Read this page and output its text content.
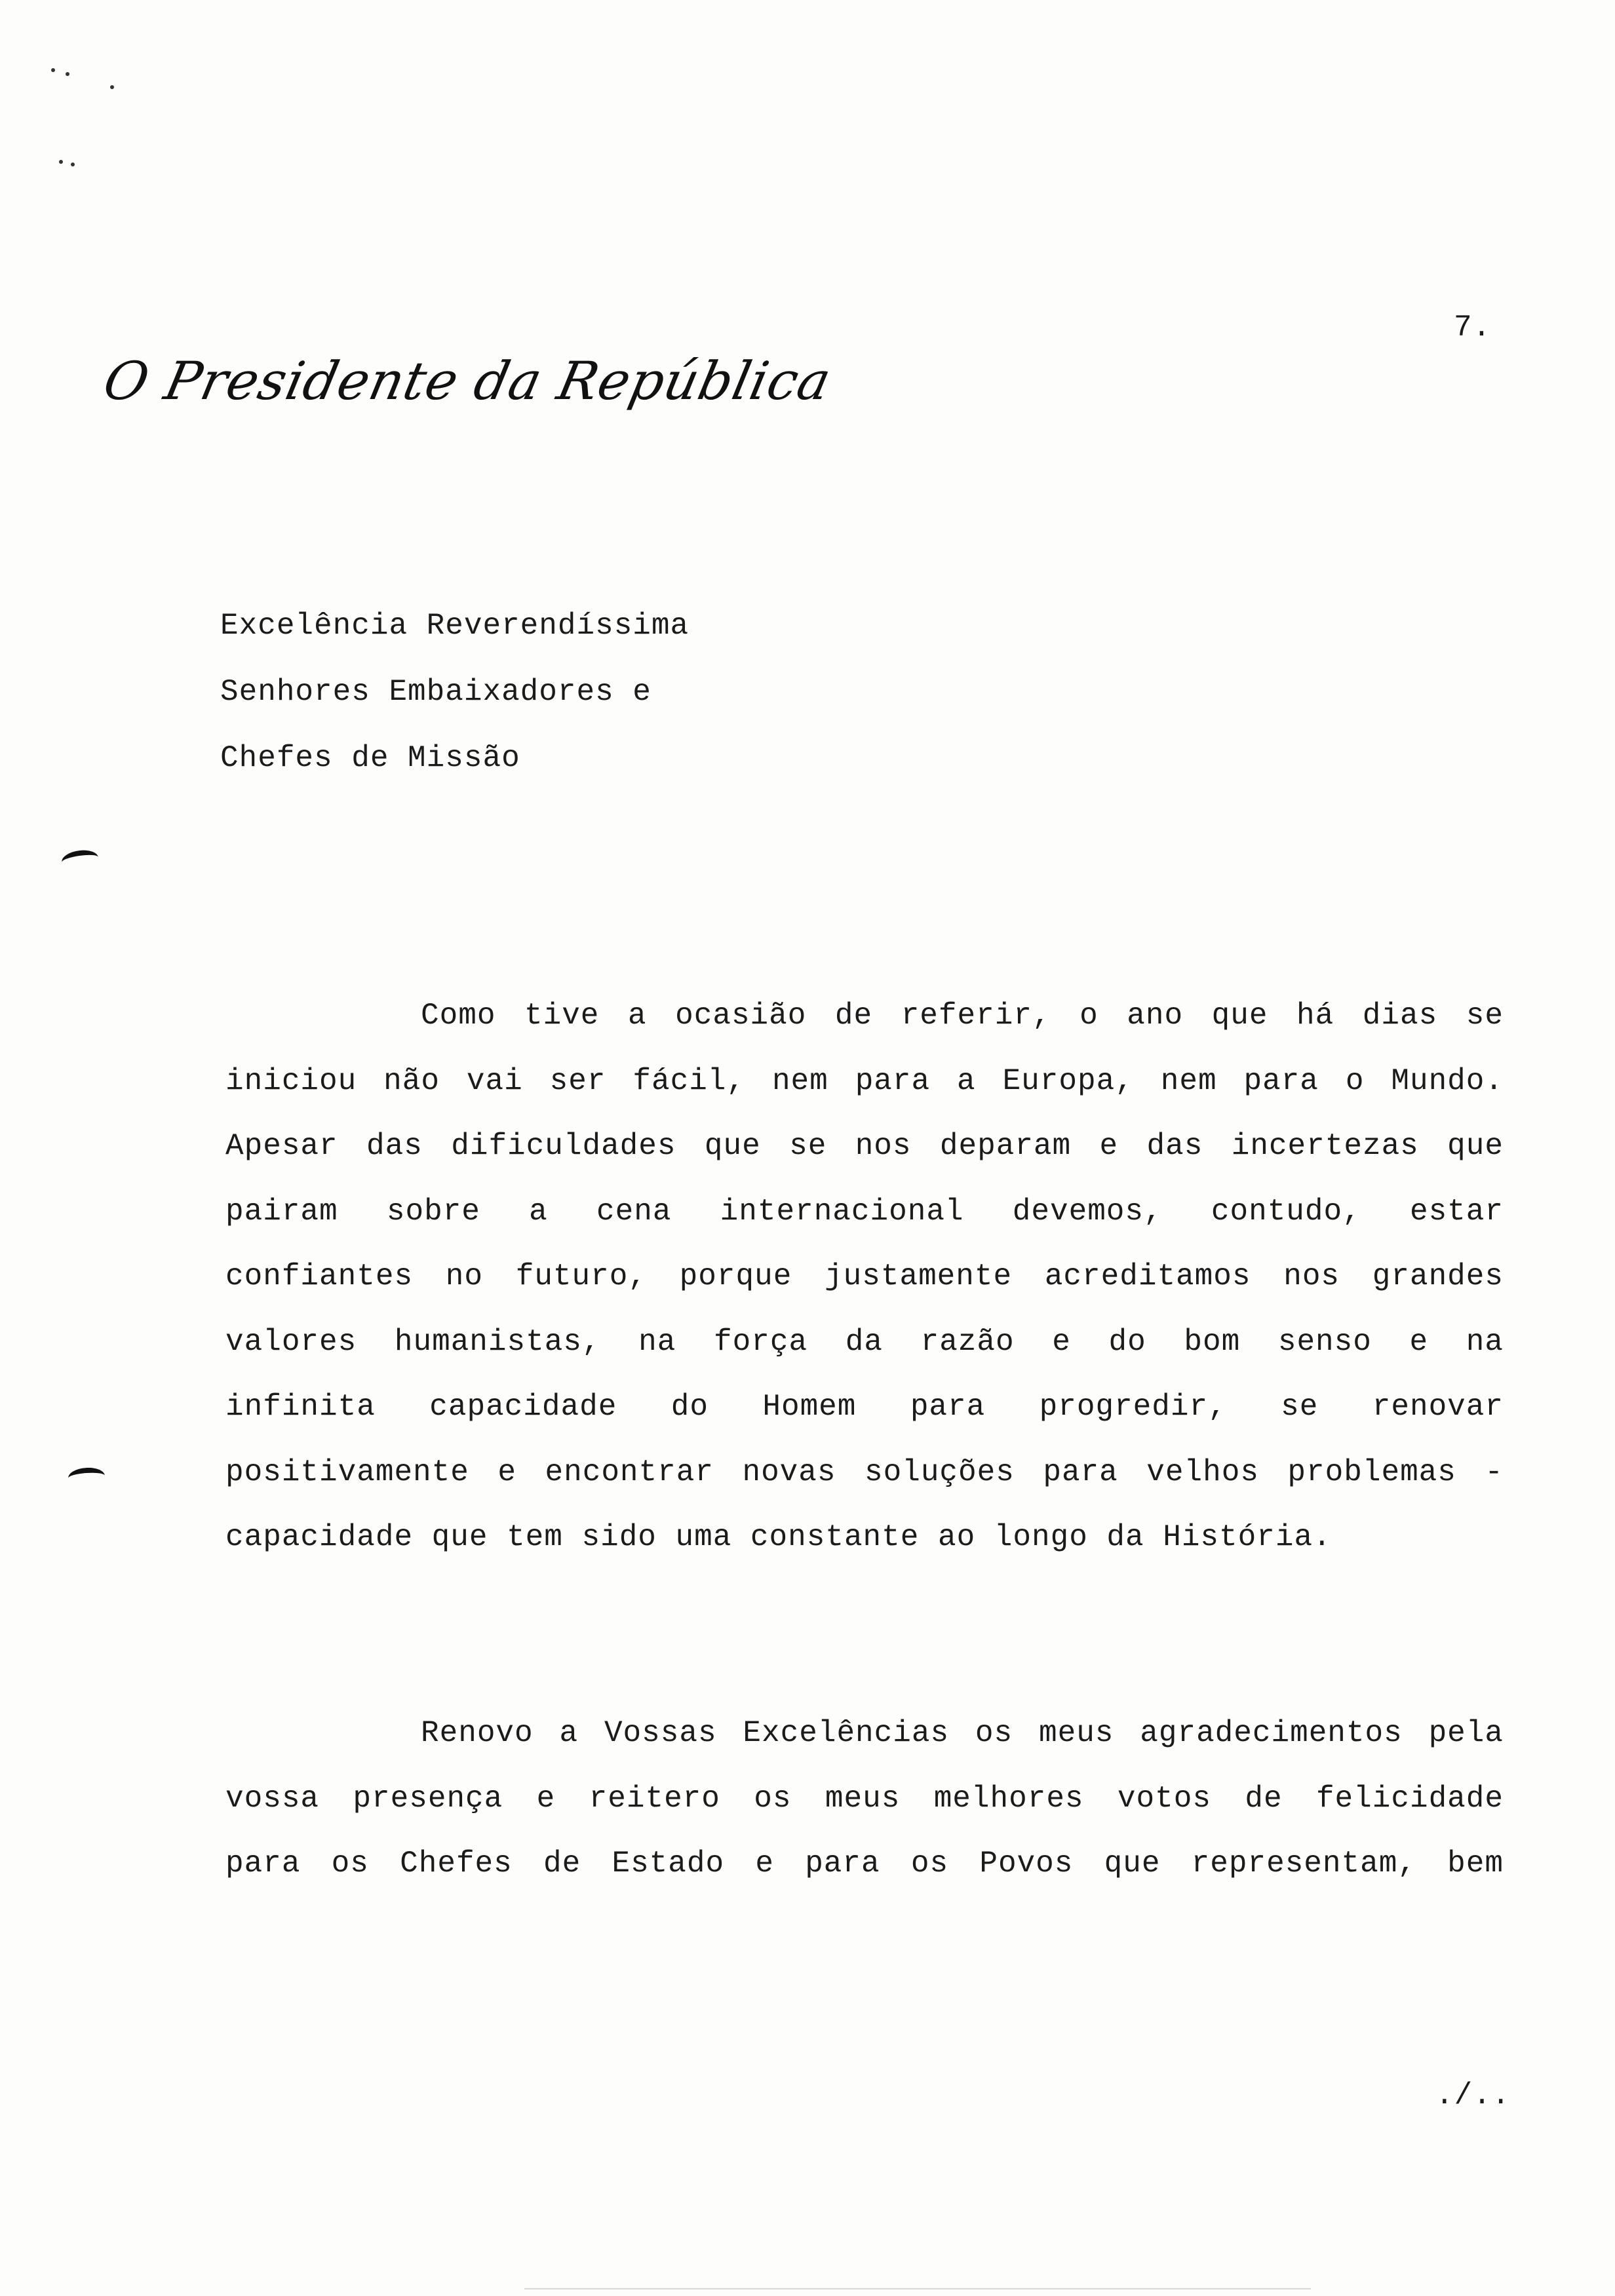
7.
O Presidente da República
Excelência Reverendíssima
Senhores Embaixadores e
Chefes de Missão
Como tive a ocasião de referir, o ano que há dias se
iniciou não vai ser fácil, nem para a Europa, nem para o Mundo.
Apesar das dificuldades que se nos deparam e das incertezas que
pairam sobre a cena internacional devemos, contudo, estar
confiantes no futuro, porque justamente acreditamos nos grandes
valores humanistas, na força da razão e do bom senso e na
infinita capacidade do Homem para progredir, se renovar
positivamente e encontrar novas soluções para velhos problemas -
capacidade que tem sido uma constante ao longo da História.
Renovo a Vossas Excelências os meus agradecimentos pela
vossa presença e reitero os meus melhores votos de felicidade
para os Chefes de Estado e para os Povos que representam, bem
./..
